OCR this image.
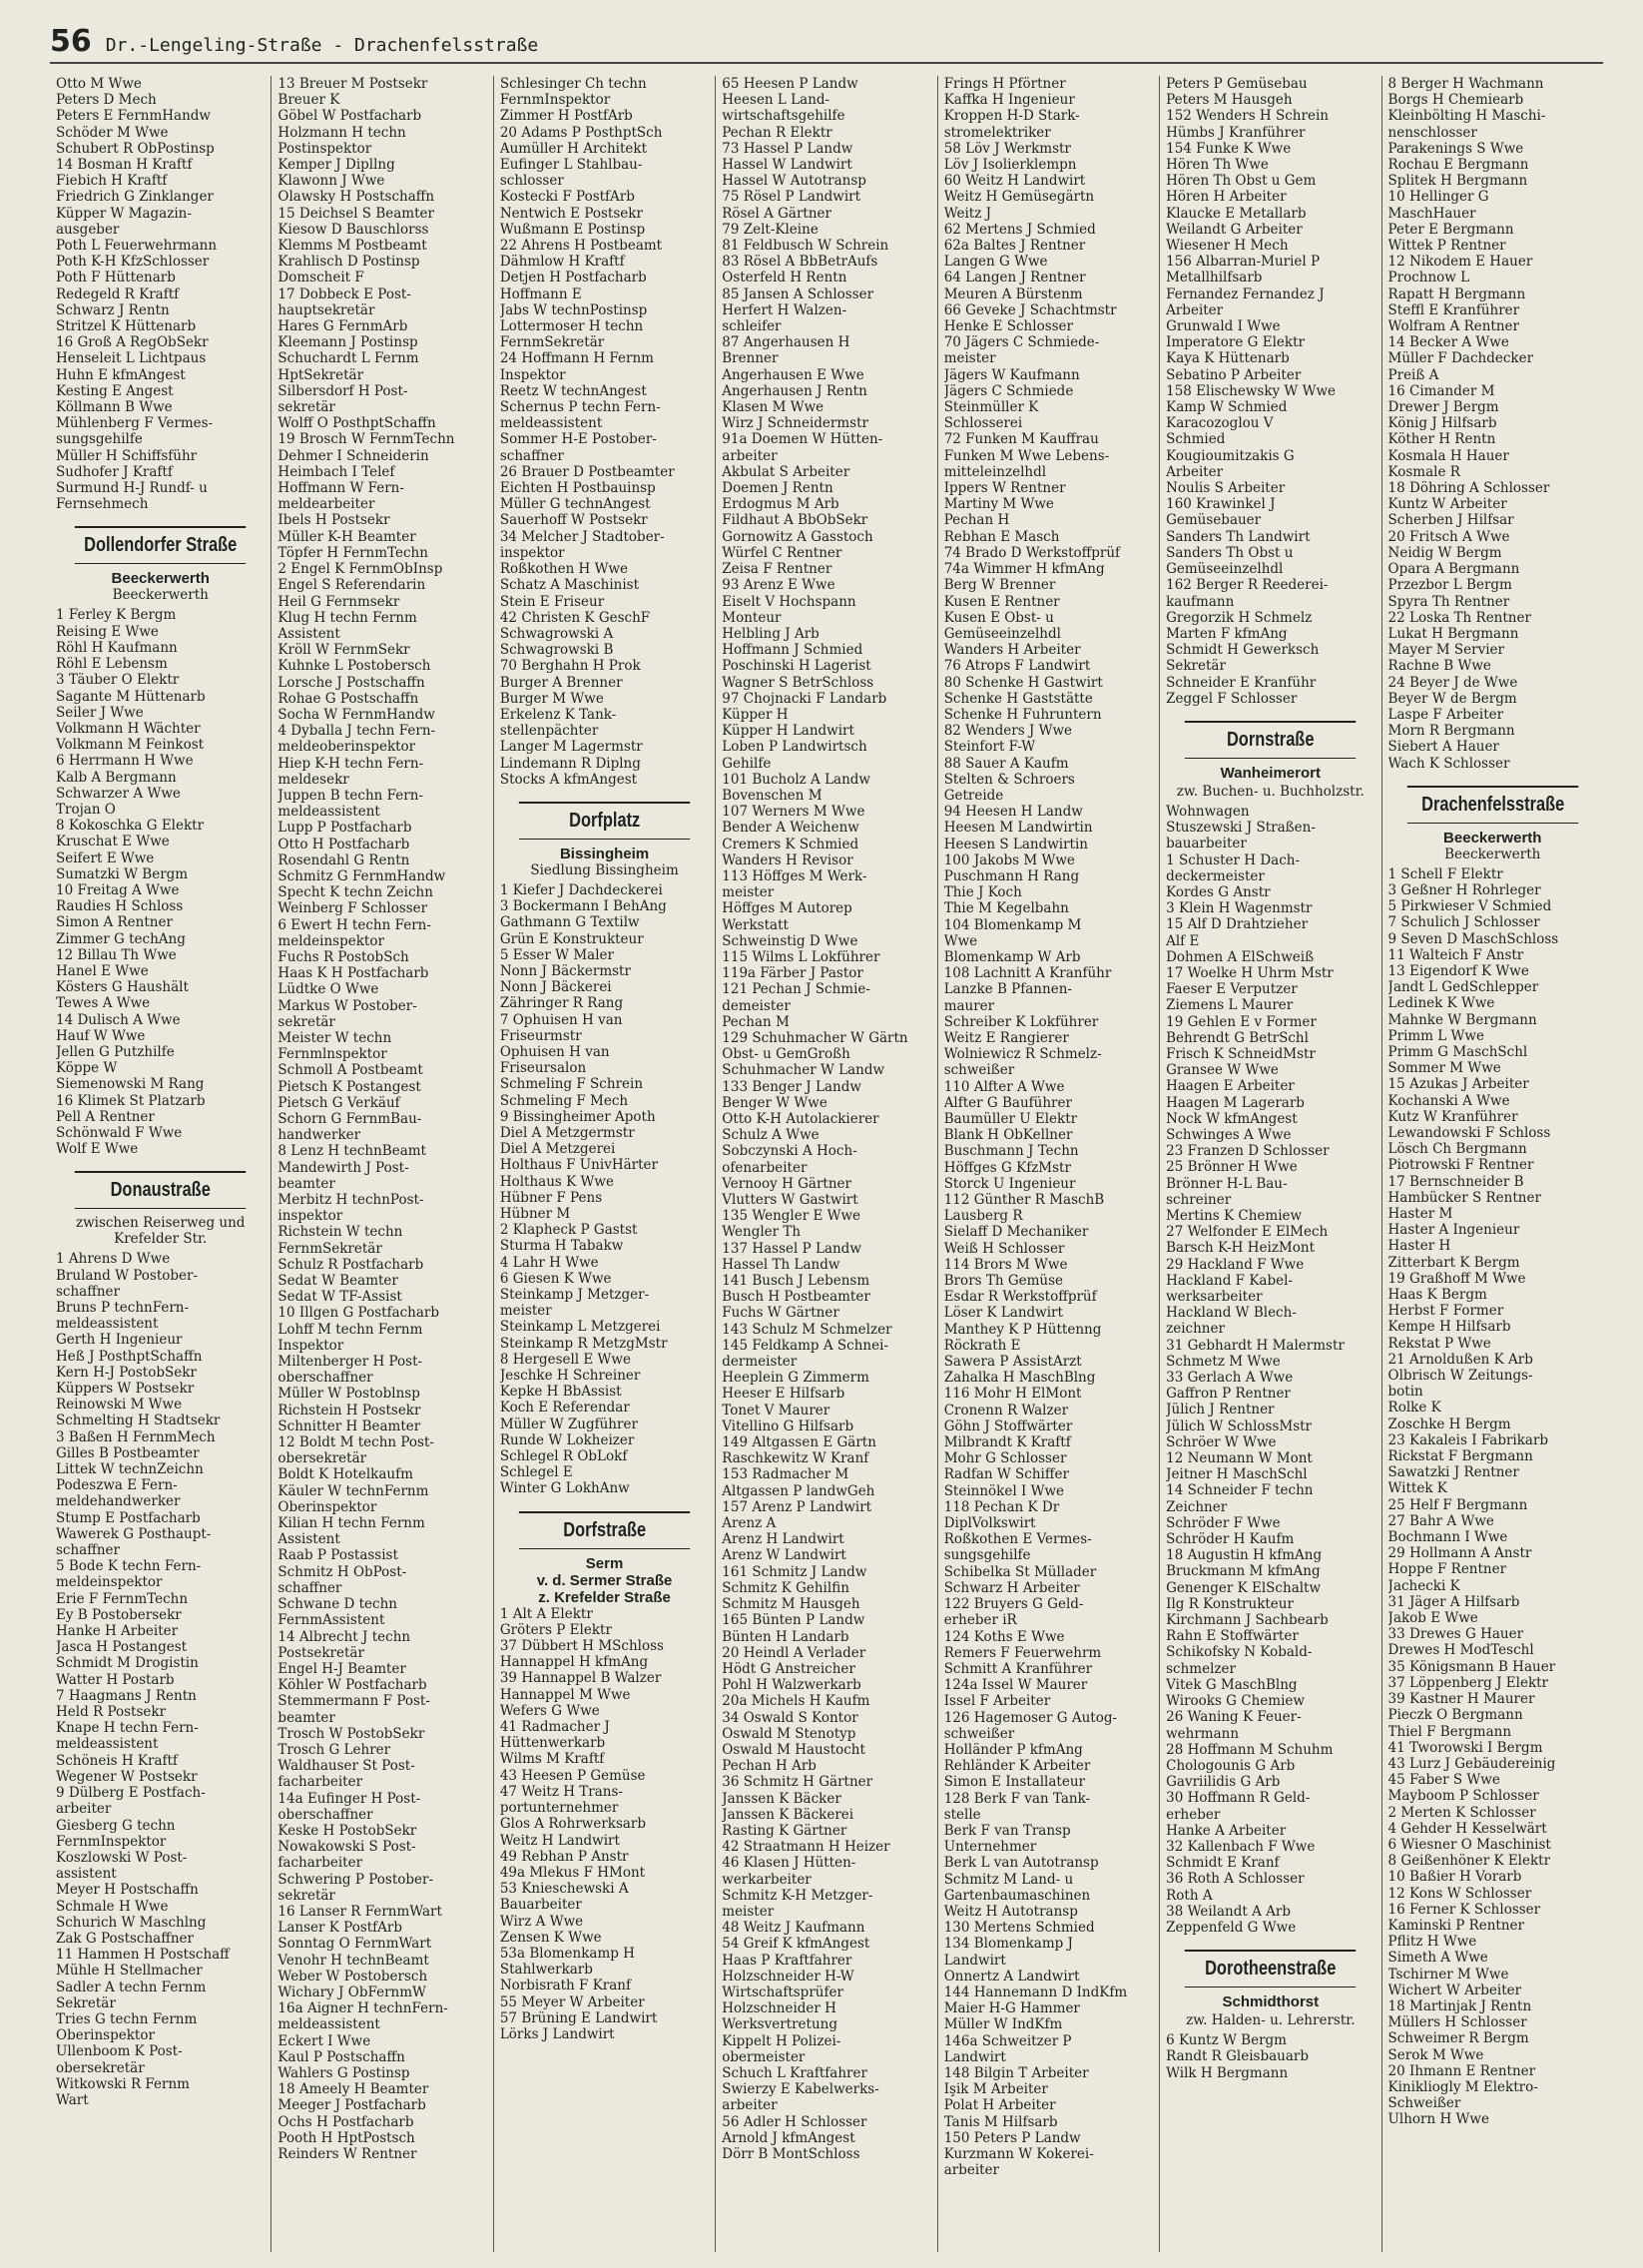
56 Dr.-Lengeling-Straße - Drachenfelsstraße
Otto M Wwe
Peters D Mech
Peters E FernmHandw
Schöder M Wwe
Schubert R ObPostinsp
14 Bosman H Kraftf
Fiebich H Kraftf
Friedrich G Zinklanger
Küpper W Magazin-
ausgeber
Poth L Feuerwehrmann
Poth K-H KfzSchlosser
Poth F Hüttenarb
Redegeld R Kraftf
Schwarz J Rentn
Stritzel K Hüttenarb
16 Groß A RegObSekr
Henseleit L Lichtpaus
Huhn E kfmAngest
Kesting E Angest
Köllmann B Wwe
Mühlenberg F Vermes-
sungsgehilfe
Müller H Schiffsführ
Sudhofer J Kraftf
Surmund H-J Rundf- u
Fernsehmech
Dollendorfer Straße
Beeckerwerth
Beeckerwerth
1 Ferley K Bergm
Reising E Wwe
Röhl H Kaufmann
Röhl E Lebensm
3 Täuber O Elektr
Sagante M Hüttenarb
Seiler J Wwe
Volkmann H Wächter
Volkmann M Feinkost
6 Herrmann H Wwe
Kalb A Bergmann
Schwarzer A Wwe
Trojan O
8 Kokoschka G Elektr
Kruschat E Wwe
Seifert E Wwe
Sumatzki W Bergm
10 Freitag A Wwe
Raudies H Schloss
Simon A Rentner
Zimmer G techAng
12 Billau Th Wwe
Hanel E Wwe
Kösters G Haushält
Tewes A Wwe
14 Dulisch A Wwe
Hauf W Wwe
Jellen G Putzhilfe
Köppe W
Siemenowski M Rang
16 Klimek St Platzarb
Pell A Rentner
Schönwald F Wwe
Wolf E Wwe
Donaustraße
zwischen Reiserweg und Krefelder Str.
1 Ahrens D Wwe
Bruland W Postober-
schaffner
Bruns P technFern-
meldeassistent
Gerth H Ingenieur
Heß J PosthptSchaffn
Kern H-J PostobSekr
Küppers W Postsekr
Reinowski M Wwe
Schmelting H Stadtsekr
3 Baßen H FernmMech
Gilles B Postbeamter
Littek W technZeichn
Podeszwa E Fern-
meldehandwerker
Stump E Postfacharb
Wawerek G Posthaupt-
schaffner
5 Bode K techn Fern-
meldeinspektor
Erie F FernmTechn
Ey B Postobersekr
Hanke H Arbeiter
Jasca H Postangest
Schmidt M Drogistin
Watter H Postarb
7 Haagmans J Rentn
Held R Postsekr
Knape H techn Fern-
meldeassistent
Schöneis H Kraftf
Wegener W Postsekr
9 Dülberg E Postfach-
arbeiter
Giesberg G techn
FernmInspektor
Koszlowski W Post-
assistent
Meyer H Postschaffn
Schmale H Wwe
Schurich W Maschlng
Zak G Postschaffner
11 Hammen H Postschaff
Mühle H Stellmacher
Sadler A techn Fernm
Sekretär
Tries G techn Fernm
Oberinspektor
Ullenboom K Post-
obersekretär
Witkowski R Fernm
Wart
13 Breuer M Postsekr
Breuer K
Göbel W Postfacharb
Holzmann H techn
Postinspektor
Kemper J Dipllng
Klawonn J Wwe
Olawsky H Postschaffn
15 Deichsel S Beamter
Kiesow D Bauschlorss
Klemms M Postbeamt
Krahlisch D Postinsp
Domscheit F
17 Dobbeck E Post-
hauptsekretär
Hares G FernmArb
Kleemann J Postinsp
Schuchardt L Fernm
HptSekretär
Silbersdorf H Post-
sekretär
Wolff O PosthptSchaffn
19 Brosch W FernmTechn
Dehmer I Schneiderin
Heimbach I Telef
Hoffmann W Fern-
meldearbeiter
Ibels H Postsekr
Müller K-H Beamter
Töpfer H FernmTechn
2 Engel K FernmObInsp
Engel S Referendarin
Heil G Fernmsekr
Klug H techn Fernm
Assistent
Kröll W FernmSekr
Kuhnke L Postobersch
Lorsche J Postschaffn
Rohae G Postschaffn
Socha W FernmHandw
4 Dyballa J techn Fern-
meldeoberinspektor
Hiep K-H techn Fern-
meldesekr
Juppen B techn Fern-
meldeassistent
Lupp P Postfacharb
Otto H Postfacharb
Rosendahl G Rentn
Schmitz G FernmHandw
Specht K techn Zeichn
Weinberg F Schlosser
6 Ewert H techn Fern-
meldeinspektor
Fuchs R PostobSch
Haas K H Postfacharb
Lüdtke O Wwe
Markus W Postober-
sekretär
Meister W techn
Fernmlnspektor
Schmoll A Postbeamt
Pietsch K Postangest
Pietsch G Verkäuf
Schorn G FernmBau-
handwerker
8 Lenz H technBeamt
Mandewirth J Post-
beamter
Merbitz H technPost-
inspektor
Richstein W techn
FernmSekretär
Schulz R Postfacharb
Sedat W Beamter
Sedat W TF-Assist
10 Illgen G Postfacharb
Lohff M techn Fernm
Inspektor
Miltenberger H Post-
oberschaffner
Müller W Postoblnsp
Richstein H Postsekr
Schnitter H Beamter
12 Boldt M techn Post-
obersekretär
Boldt K Hotelkaufm
Käuler W technFernm
Oberinspektor
Kilian H techn Fernm
Assistent
Raab P Postassist
Schmitz H ObPost-
schaffner
Schwane D techn
FernmAssistent
14 Albrecht J techn
Postsekretär
Engel H-J Beamter
Köhler W Postfacharb
Stemmermann F Post-
beamter
Trosch W PostobSekr
Trosch G Lehrer
Waldhauser St Post-
facharbeiter
14a Eufinger H Post-
oberschaffner
Keske H PostobSekr
Nowakowski S Post-
facharbeiter
Schwering P Postober-
sekretär
16 Lanser R FernmWart
Lanser K PostfArb
Sonntag O FernmWart
Venohr H technBeamt
Weber W Postobersch
Wichary J ObFernmW
16a Aigner H technFern-
meldeassistent
Eckert I Wwe
Kaul P Postschaffn
Wahlers G Postinsp
18 Ameely H Beamter
Meeger J Postfacharb
Ochs H Postfacharb
Pooth H HptPostsch
Reinders W Rentner
Schlesinger Ch techn
FernmInspektor
Zimmer H PostfArb
20 Adams P PosthptSch
Aumüller H Architekt
Eufinger L Stahlbau-
schlosser
Kostecki F PostfArb
Nentwich E Postsekr
Wußmann E Postinsp
22 Ahrens H Postbeamt
Dähmlow H Kraftf
Detjen H Postfacharb
Hoffmann E
Jabs W technPostinsp
Lottermoser H techn
FernmSekretär
24 Hoffmann H Fernm
Inspektor
Reetz W technAngest
Schernus P techn Fern-
meldeassistent
Sommer H-E Postober-
schaffner
26 Brauer D Postbeamter
Eichten H Postbauinsp
Müller G technAngest
Sauerhoff W Postsekr
34 Melcher J Stadtober-
inspektor
Roßkothen H Wwe
Schatz A Maschinist
Stein E Friseur
42 Christen K GeschF
Schwagrowski A
Schwagrowski B
70 Berghahn H Prok
Burger A Brenner
Burger M Wwe
Erkelenz K Tank-
stellenpächter
Langer M Lagermstr
Lindemann R Diplng
Stocks A kfmAngest
Dorfplatz
Bissingheim
Siedlung Bissingheim
1 Kiefer J Dachdeckerei
3 Bockermann I BehAng
Gathmann G Textilw
Grün E Konstrukteur
5 Esser W Maler
Nonn J Bäckermstr
Nonn J Bäckerei
Zähringer R Rang
7 Ophuisen H van
Friseurmstr
Ophuisen H van
Friseursalon
Schmeling F Schrein
Schmeling F Mech
9 Bissingheimer Apoth
Diel A Metzgermstr
Diel A Metzgerei
Holthaus F UnivHärter
Holthaus K Wwe
Hübner F Pens
Hübner M
2 Klapheck P Gastst
Sturma H Tabakw
4 Lahr H Wwe
6 Giesen K Wwe
Steinkamp J Metzger-
meister
Steinkamp L Metzgerei
Steinkamp R MetzgMstr
8 Hergesell E Wwe
Jeschke H Schreiner
Kepke H BbAssist
Koch E Referendar
Müller W Zugführer
Runde W Lokheizer
Schlegel R ObLokf
Schlegel E
Winter G LokhAnw
Dorfstraße
Serm
v. d. Sermer Straße
z. Krefelder Straße
1 Alt A Elektr
Gröters P Elektr
37 Dübbert H MSchloss
Hannappel H kfmAng
39 Hannappel B Walzer
Hannappel M Wwe
Wefers G Wwe
41 Radmacher J
Hüttenwerkarb
Wilms M Kraftf
43 Heesen P Gemüse
47 Weitz H Trans-
portunternehmer
Glos A Rohrwerksarb
Weitz H Landwirt
49 Rebhan P Anstr
49a Mlekus F HMont
53 Knieschewski A
Bauarbeiter
Wirz A Wwe
Zensen K Wwe
53a Blomenkamp H
Stahlwerkarb
Norbisrath F Kranf
55 Meyer W Arbeiter
57 Brüning E Landwirt
Lörks J Landwirt
65 Heesen P Landw
Heesen L Land-
wirtschaftsgehilfe
Pechan R Elektr
73 Hassel P Landw
Hassel W Landwirt
Hassel W Autotransp
75 Rösel P Landwirt
Rösel A Gärtner
79 Zelt-Kleine
81 Feldbusch W Schrein
83 Rösel A BbBetrAufs
Osterfeld H Rentn
85 Jansen A Schlosser
Herfert H Walzen-
schleifer
87 Angerhausen H
Brenner
Angerhausen E Wwe
Angerhausen J Rentn
Klasen M Wwe
Wirz J Schneidermstr
91a Doemen W Hütten-
arbeiter
Akbulat S Arbeiter
Doemen J Rentn
Erdogmus M Arb
Fildhaut A BbObSekr
Gornowitz A Gasstoch
Würfel C Rentner
Zeisa F Rentner
93 Arenz E Wwe
Eiselt V Hochspann
Monteur
Helbling J Arb
Hoffmann J Schmied
Poschinski H Lagerist
Wagner S BetrSchloss
97 Chojnacki F Landarb
Küpper H
Küpper H Landwirt
Loben P Landwirtsch
Gehilfe
101 Bucholz A Landw
Bovenschen M
107 Werners M Wwe
Bender A Weichenw
Cremers K Schmied
Wanders H Revisor
113 Höffges M Werk-
meister
Höffges M Autorep
Werkstatt
Schweinstig D Wwe
115 Wilms L Lokführer
119a Färber J Pastor
121 Pechan J Schmie-
demeister
Pechan M
129 Schuhmacher W Gärtn
Obst- u GemGroßh
Schuhmacher W Landw
133 Benger J Landw
Benger W Wwe
Otto K-H Autolackierer
Schulz A Wwe
Sobczynski A Hoch-
ofenarbeiter
Vernooy H Gärtner
Vlutters W Gastwirt
135 Wengler E Wwe
Wengler Th
137 Hassel P Landw
Hassel Th Landw
141 Busch J Lebensm
Busch H Postbeamter
Fuchs W Gärtner
143 Schulz M Schmelzer
145 Feldkamp A Schnei-
dermeister
Heeplein G Zimmerm
Heeser E Hilfsarb
Tonet V Maurer
Vitellino G Hilfsarb
149 Altgassen E Gärtn
Raschkewitz W Kranf
153 Radmacher M
Altgassen P landwGeh
157 Arenz P Landwirt
Arenz A
Arenz H Landwirt
Arenz W Landwirt
161 Schmitz J Landw
Schmitz K Gehilfin
Schmitz M Hausgeh
165 Bünten P Landw
Bünten H Landarb
20 Heindl A Verlader
Hödt G Anstreicher
Pohl H Walzwerkarb
20a Michels H Kaufm
34 Oswald S Kontor
Oswald M Stenotyp
Oswald M Haustocht
Pechan H Arb
36 Schmitz H Gärtner
Janssen K Bäcker
Janssen K Bäckerei
Rasting K Gärtner
42 Straatmann H Heizer
46 Klasen J Hütten-
werkarbeiter
Schmitz K-H Metzger-
meister
48 Weitz J Kaufmann
54 Greif K kfmAngest
Haas P Kraftfahrer
Holzschneider H-W
Wirtschaftsprüfer
Holzschneider H
Werksvertretung
Kippelt H Polizei-
obermeister
Schuch L Kraftfahrer
Swierzy E Kabelwerks-
arbeiter
56 Adler H Schlosser
Arnold J kfmAngest
Dörr B MontSchloss
Frings H Pförtner
Kaffka H Ingenieur
Kroppen H-D Stark-
stromelektriker
58 Löv J Werkmstr
Löv J Isolierklempn
60 Weitz H Landwirt
Weitz H Gemüsegärtn
Weitz J
62 Mertens J Schmied
62a Baltes J Rentner
Langen G Wwe
64 Langen J Rentner
Meuren A Bürstenm
66 Geveke J Schachtmstr
Henke E Schlosser
70 Jägers C Schmiede-
meister
Jägers W Kaufmann
Jägers C Schmiede
Steinmüller K
Schlosserei
72 Funken M Kauffrau
Funken M Wwe Lebens-
mitteleinzelhdl
Ippers W Rentner
Martiny M Wwe
Pechan H
Rebhan E Masch
74 Brado D Werkstoffprüf
74a Wimmer H kfmAng
Berg W Brenner
Kusen E Rentner
Kusen E Obst- u
Gemüseeinzelhdl
Wanders H Arbeiter
76 Atrops F Landwirt
80 Schenke H Gastwirt
Schenke H Gaststätte
Schenke H Fuhruntern
82 Wenders J Wwe
Steinfort F-W
88 Sauer A Kaufm
Stelten & Schroers
Getreide
94 Heesen H Landw
Heesen M Landwirtin
Heesen S Landwirtin
100 Jakobs M Wwe
Puschmann H Rang
Thie J Koch
Thie M Kegelbahn
104 Blomenkamp M
Wwe
Blomenkamp W Arb
108 Lachnitt A Kranführ
Lanzke B Pfannen-
maurer
Schreiber K Lokführer
Weitz E Rangierer
Wolniewicz R Schmelz-
schweißer
110 Alfter A Wwe
Alfter G Bauführer
Baumüller U Elektr
Blank H ObKellner
Buschmann J Techn
Höffges G KfzMstr
Storck U Ingenieur
112 Günther R MaschB
Lausberg R
Sielaff D Mechaniker
Weiß H Schlosser
114 Brors M Wwe
Brors Th Gemüse
Esdar R Werkstoffprüf
Löser K Landwirt
Manthey K P Hüttenng
Röckrath E
Sawera P AssistArzt
Zahalka H MaschBlng
116 Mohr H ElMont
Cronenn R Walzer
Göhn J Stoffwärter
Milbrandt K Kraftf
Mohr G Schlosser
Radfan W Schiffer
Steinnökel I Wwe
118 Pechan K Dr
DiplVolkswirt
Roßkothen E Vermes-
sungsgehilfe
Schibelka St Müllader
Schwarz H Arbeiter
122 Bruyers G Geld-
erheber iR
124 Koths E Wwe
Remers F Feuerwehrm
Schmitt A Kranführer
124a Issel W Maurer
Issel F Arbeiter
126 Hagemoser G Autog-
schweißer
Holländer P kfmAng
Rehländer K Arbeiter
Simon E Installateur
128 Berk F van Tank-
stelle
Berk F van Transp
Unternehmer
Berk L van Autotransp
Schmitz M Land- u
Gartenbaumaschinen
Weitz H Autotransp
130 Mertens Schmied
134 Blomenkamp J
Landwirt
Onnertz A Landwirt
144 Hannemann D IndKfm
Maier H-G Hammer
Müller W IndKfm
146a Schweitzer P
Landwirt
148 Bilgin T Arbeiter
Işik M Arbeiter
Polat H Arbeiter
Tanis M Hilfsarb
150 Peters P Landw
Kurzmann W Kokerei-
arbeiter
Peters P Gemüsebau
Peters M Hausgeh
152 Wenders H Schrein
Hümbs J Kranführer
154 Funke K Wwe
Hören Th Wwe
Hören Th Obst u Gem
Hören H Arbeiter
Klaucke E Metallarb
Weilandt G Arbeiter
Wiesener H Mech
156 Albarran-Muriel P
Metallhilfsarb
Fernandez Fernandez J
Arbeiter
Grunwald I Wwe
Imperatore G Elektr
Kaya K Hüttenarb
Sebatino P Arbeiter
158 Elischewsky W Wwe
Kamp W Schmied
Karacozoglou V
Schmied
Kougioumitzakis G
Arbeiter
Noulis S Arbeiter
160 Krawinkel J
Gemüsebauer
Sanders Th Landwirt
Sanders Th Obst u
Gemüseeinzelhdl
162 Berger R Reederei-
kaufmann
Gregorzik H Schmelz
Marten F kfmAng
Schmidt H Gewerksch
Sekretär
Schneider E Kranführ
Zeggel F Schlosser
Dornstraße
Wanheimerort
zw. Buchen- u. Buchholzstr.
Wohnwagen
Stuszewski J Straßen-
bauarbeiter
1 Schuster H Dach-
deckermeister
Kordes G Anstr
3 Klein H Wagenmstr
15 Alf D Drahtzieher
Alf E
Dohmen A ElSchweiß
17 Woelke H Uhrm Mstr
Faeser E Verputzer
Ziemens L Maurer
19 Gehlen E v Former
Behrendt G BetrSchl
Frisch K SchneidMstr
Gransee W Wwe
Haagen E Arbeiter
Haagen M Lagerarb
Nock W kfmAngest
Schwinges A Wwe
23 Franzen D Schlosser
25 Brönner H Wwe
Brönner H-L Bau-
schreiner
Mertins K Chemiew
27 Welfonder E ElMech
Barsch K-H HeizMont
29 Hackland F Wwe
Hackland F Kabel-
werksarbeiter
Hackland W Blech-
zeichner
31 Gebhardt H Malermstr
Schmetz M Wwe
33 Gerlach A Wwe
Gaffron P Rentner
Jülich J Rentner
Jülich W SchlossMstr
Schröer W Wwe
12 Neumann W Mont
Jeitner H MaschSchl
14 Schneider F techn
Zeichner
Schröder F Wwe
Schröder H Kaufm
18 Augustin H kfmAng
Bruckmann M kfmAng
Genenger K ElSchaltw
Ilg R Konstrukteur
Kirchmann J Sachbearb
Rahn E Stoffwärter
Schikofsky N Kobald-
schmelzer
Vitek G MaschBlng
Wirooks G Chemiew
26 Waning K Feuer-
wehrmann
28 Hoffmann M Schuhm
Chologounis G Arb
Gavriilidis G Arb
30 Hoffmann R Geld-
erheber
Hanke A Arbeiter
32 Kallenbach F Wwe
Schmidt E Kranf
36 Roth A Schlosser
Roth A
38 Weilandt A Arb
Zeppenfeld G Wwe
Dorotheenstraße
Schmidthorst
zw. Halden- u. Lehrerstr.
6 Kuntz W Bergm
Randt R Gleisbauarb
Wilk H Bergmann
8 Berger H Wachmann
Borgs H Chemiearb
Kleinbölting H Maschi-
nenschlosser
Parakenings S Wwe
Rochau E Bergmann
Splitek H Bergmann
10 Hellinger G
MaschHauer
Peter E Bergmann
Wittek P Rentner
12 Nikodem E Hauer
Prochnow L
Rapatt H Bergmann
Steffl E Kranführer
Wolfram A Rentner
14 Becker A Wwe
Müller F Dachdecker
Preiß A
16 Cimander M
Drewer J Bergm
König J Hilfsarb
Köther H Rentn
Kosmala H Hauer
Kosmale R
18 Döhring A Schlosser
Kuntz W Arbeiter
Scherben J Hilfsar
20 Fritsch A Wwe
Neidig W Bergm
Opara A Bergmann
Przezbor L Bergm
Spyra Th Rentner
22 Loska Th Rentner
Lukat H Bergmann
Mayer M Servier
Rachne B Wwe
24 Beyer J de Wwe
Beyer W de Bergm
Laspe F Arbeiter
Morn R Bergmann
Siebert A Hauer
Wach K Schlosser
Drachenfelsstraße
Beeckerwerth
Beeckerwerth
1 Schell F Elektr
3 Geßner H Rohrleger
5 Pirkwieser V Schmied
7 Schulich J Schlosser
9 Seven D MaschSchloss
11 Walteich F Anstr
13 Eigendorf K Wwe
Jandt L GedSchlepper
Ledinek K Wwe
Mahnke W Bergmann
Primm L Wwe
Primm G MaschSchl
Sommer M Wwe
15 Azukas J Arbeiter
Kochanski A Wwe
Kutz W Kranführer
Lewandowski F Schloss
Lösch Ch Bergmann
Piotrowski F Rentner
17 Bernschneider B
Hambücker S Rentner
Haster M
Haster A Ingenieur
Haster H
Zitterbart K Bergm
19 Graßhoff M Wwe
Haas K Bergm
Herbst F Former
Kempe H Hilfsarb
Rekstat P Wwe
21 Arnoldußen K Arb
Olbrisch W Zeitungs-
botin
Rolke K
Zoschke H Bergm
23 Kakaleis I Fabrikarb
Rickstat F Bergmann
Sawatzki J Rentner
Wittek K
25 Helf F Bergmann
27 Bahr A Wwe
Bochmann I Wwe
29 Hollmann A Anstr
Hoppe F Rentner
Jachecki K
31 Jäger A Hilfsarb
Jakob E Wwe
33 Drewes G Hauer
Drewes H ModTeschl
35 Königsmann B Hauer
37 Löppenberg J Elektr
39 Kastner H Maurer
Pieczk O Bergmann
Thiel F Bergmann
41 Tworowski I Bergm
43 Lurz J Gebäudereinig
45 Faber S Wwe
Mayboom P Schlosser
2 Merten K Schlosser
4 Gehder H Kesselwärt
6 Wiesner O Maschinist
8 Geißenhöner K Elektr
10 Baßier H Vorarb
12 Kons W Schlosser
16 Ferner K Schlosser
Kaminski P Rentner
Pflitz H Wwe
Simeth A Wwe
Tschirner M Wwe
Wichert W Arbeiter
18 Martinjak J Rentn
Müllers H Schlosser
Schweimer R Bergm
Serok M Wwe
20 Ihmann E Rentner
Kinikliogly M Elektro-
Schweißer
Ulhorn H Wwe
